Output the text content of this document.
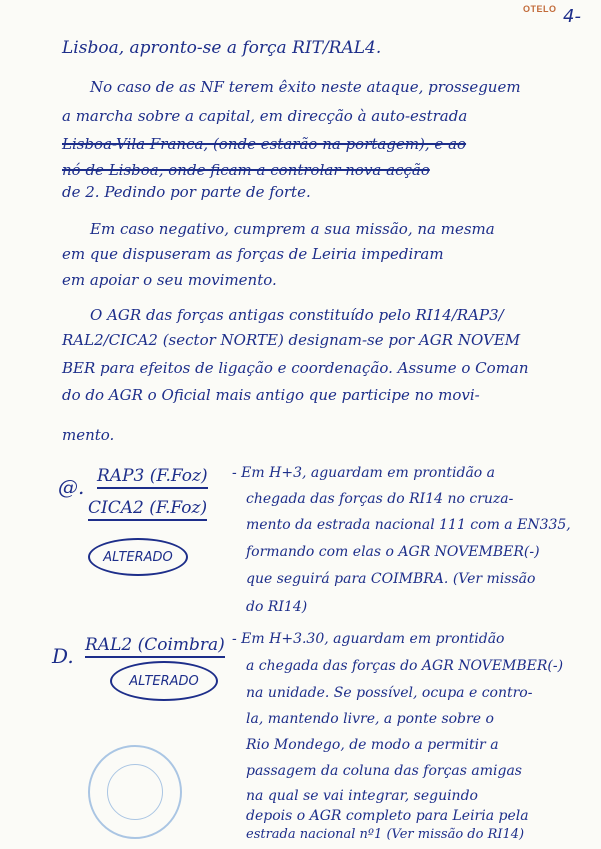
OTELO 4-
Lisboa, apronto-se a força RIT/RAL4.
No caso de as NF terem êxito neste ataque, prosseguem
a marcha sobre a capital, em direcção à auto-estrada
Lisboa-Vila Franca, (onde estarão na portagem), e ao
nó de Lisboa, onde ficam a controlar nova acção
de 2. Pedindo por parte de forte.
Em caso negativo, cumprem a sua missão, na mesma
em que dispuseram as forças de Leiria impediram
em apoiar o seu movimento.
O AGR das forças antigas constituído pelo RI14/RAP3/
RAL2/CICA2 (sector NORTE) designam-se por AGR NOVEM
BER para efeitos de ligação e coordenação. Assume o Coman
do do AGR o Oficial mais antigo que participe no movi-
mento.
@. RAP3 (F.Foz)
CICA2 (F.Foz)
ALTERADO
- Em H+3, aguardam em prontidão a
chegada das forças do RI14 no cruza-
mento da estrada nacional 111 com a EN335,
formando com elas o AGR NOVEMBER(-)
que seguirá para COIMBRA. (Ver missão
do RI14)
D. RAL2 (Coimbra)
ALTERADO
- Em H+3.30, aguardam em prontidão
a chegada das forças do AGR NOVEMBER(-)
na unidade. Se possível, ocupa e contro-
la, mantendo livre, a ponte sobre o
Rio Mondego, de modo a permitir a
passagem da coluna das forças amigas
na qual se vai integrar, seguindo
depois o AGR completo para Leiria pela
estrada nacional nº1 (Ver missão do RI14)
